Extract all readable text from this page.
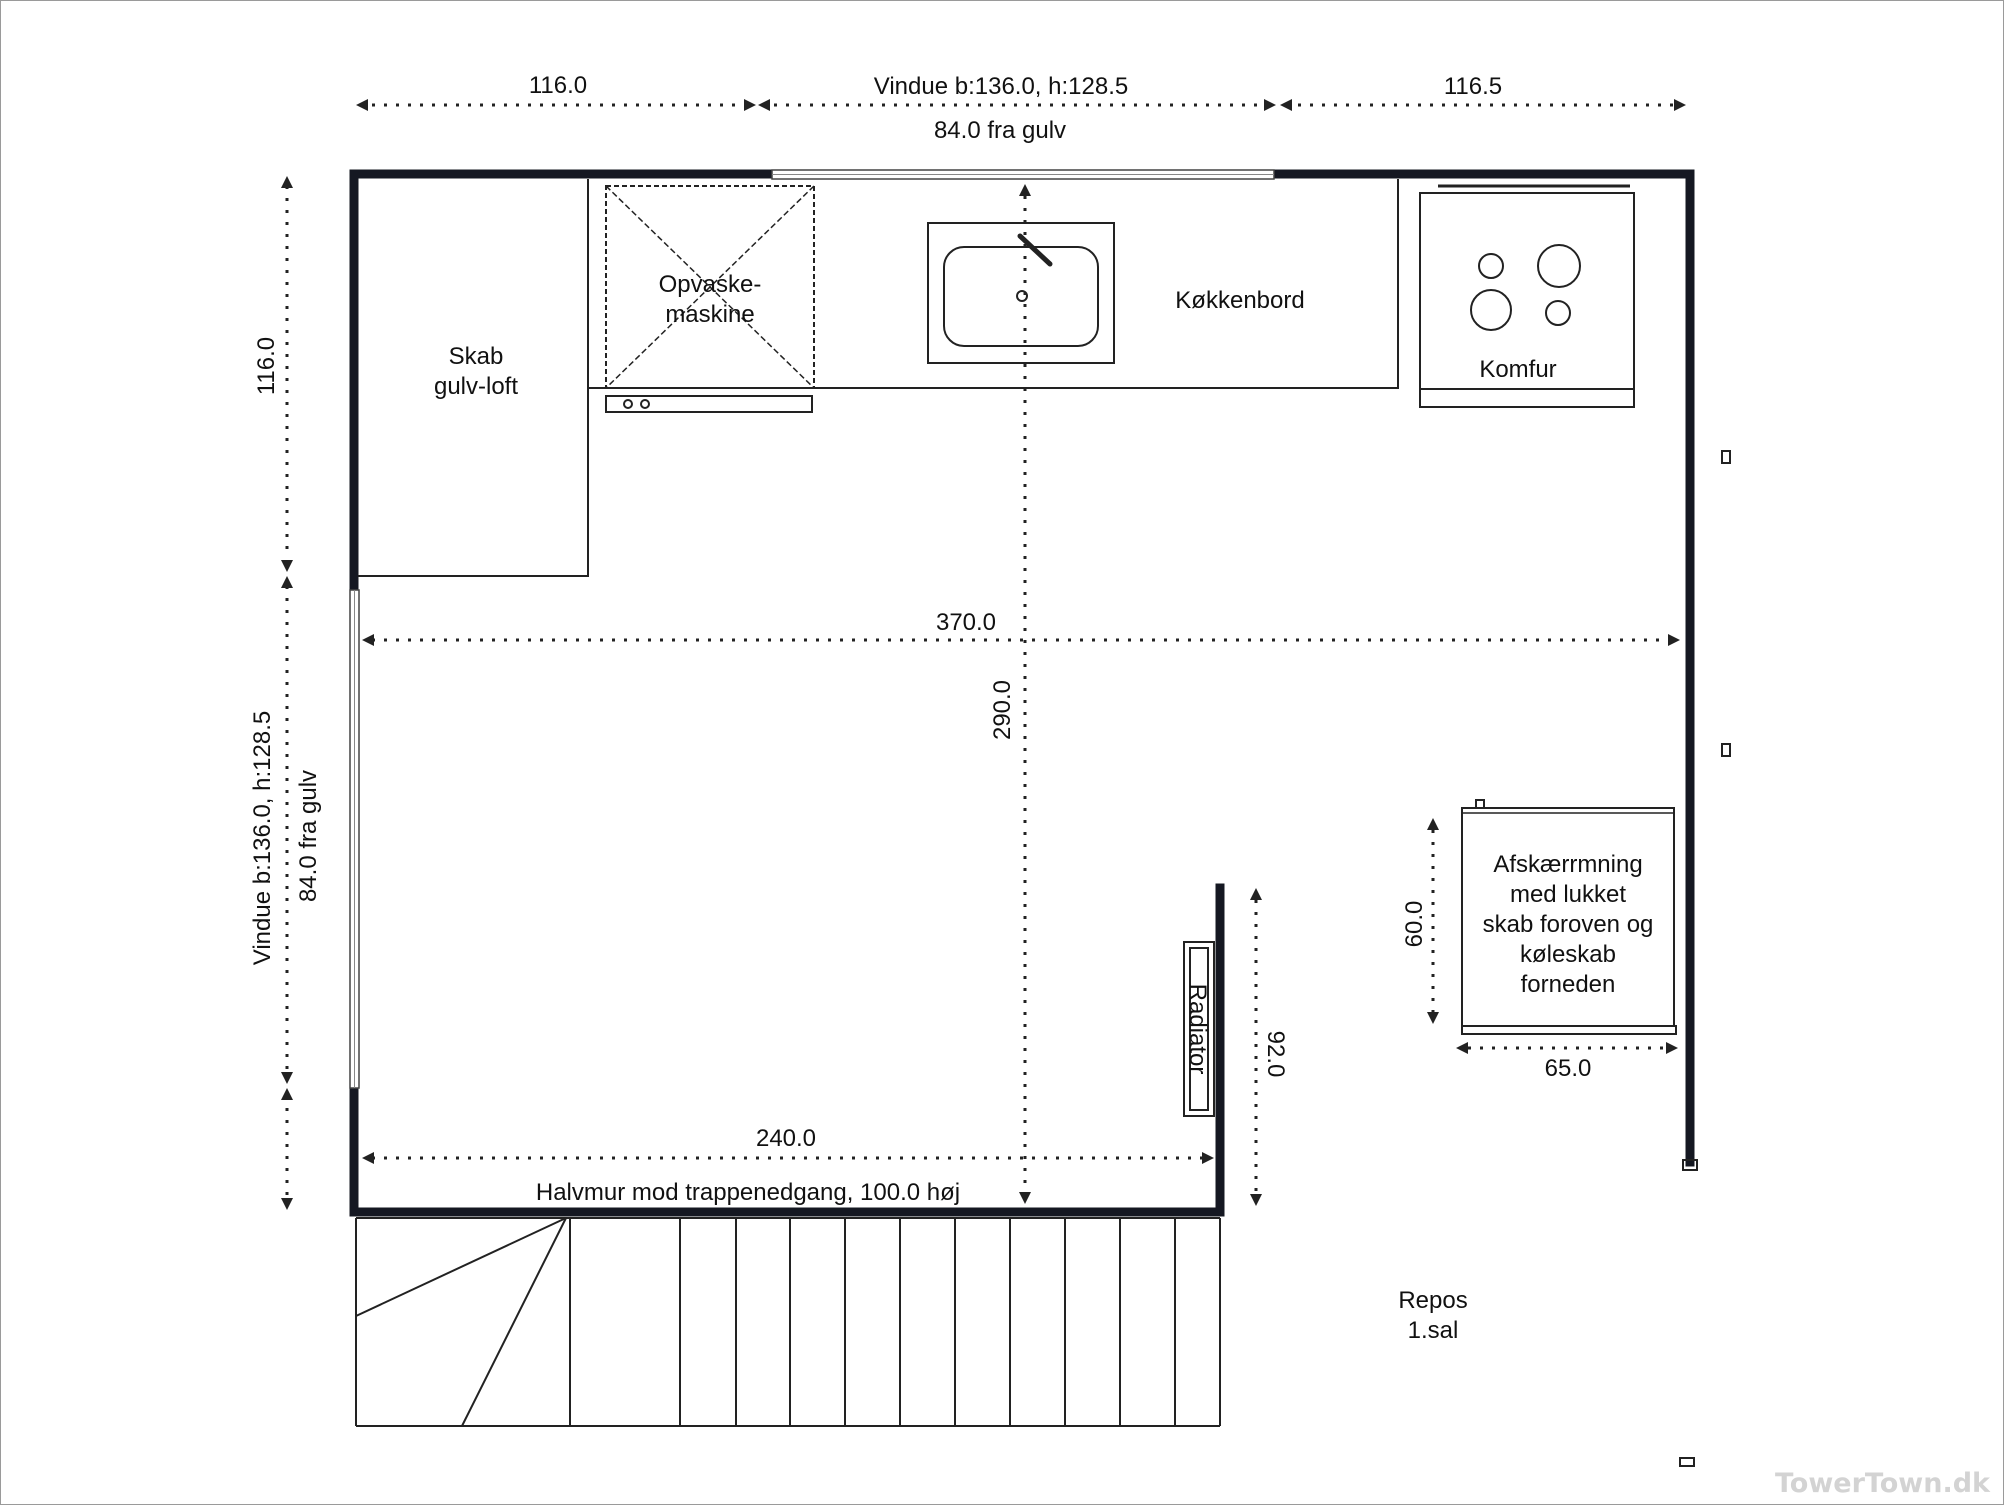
Skab
gulv-loft
Køkkenbord
Opvaske-
maskine
Komfur
Afskærrmning
med lukket
skab foroven og
køleskab
forneden
Radiator
116.0	Vindue b:136.0, h:128.5
84.0 fra gulv
116.5
116.0
Vindue b:136.0, h:128.5 84.0 fra gulv
370.0
290.0
60.0
65.0
92.0
240.0
Halvmur mod trappenedgang, 100.0 høj
Repos
1.sal
TowerTown.dk
